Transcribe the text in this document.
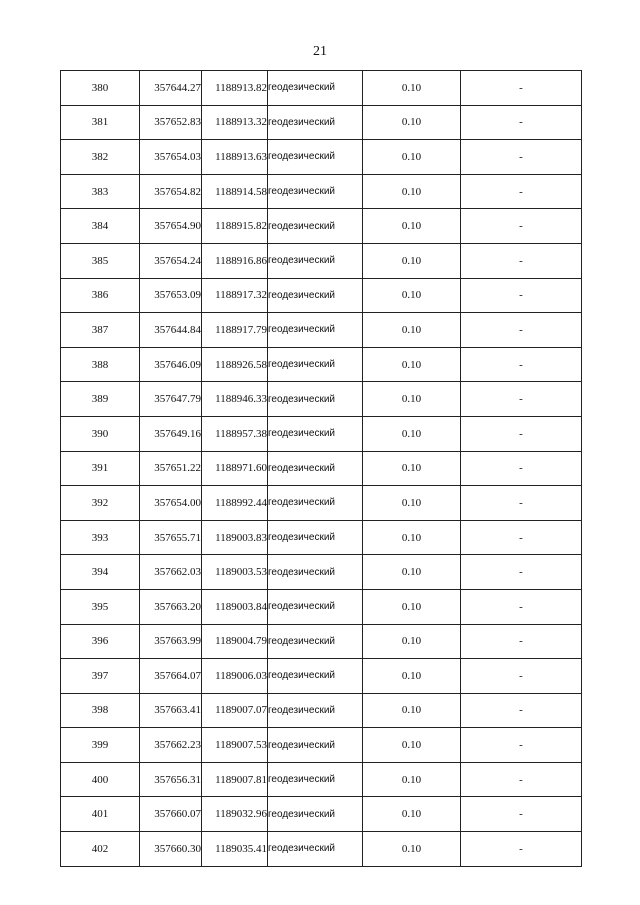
21
380	357644.27	1188913.82	геодезический	0.10	-
381	357652.83	1188913.32	геодезический	0.10	-
382	357654.03	1188913.63	геодезический	0.10	-
383	357654.82	1188914.58	геодезический	0.10	-
384	357654.90	1188915.82	геодезический	0.10	-
385	357654.24	1188916.86	геодезический	0.10	-
386	357653.09	1188917.32	геодезический	0.10	-
387	357644.84	1188917.79	геодезический	0.10	-
388	357646.09	1188926.58	геодезический	0.10	-
389	357647.79	1188946.33	геодезический	0.10	-
390	357649.16	1188957.38	геодезический	0.10	-
391	357651.22	1188971.60	геодезический	0.10	-
392	357654.00	1188992.44	геодезический	0.10	-
393	357655.71	1189003.83	геодезический	0.10	-
394	357662.03	1189003.53	геодезический	0.10	-
395	357663.20	1189003.84	геодезический	0.10	-
396	357663.99	1189004.79	геодезический	0.10	-
397	357664.07	1189006.03	геодезический	0.10	-
398	357663.41	1189007.07	геодезический	0.10	-
399	357662.23	1189007.53	геодезический	0.10	-
400	357656.31	1189007.81	геодезический	0.10	-
401	357660.07	1189032.96	геодезический	0.10	-
402	357660.30	1189035.41	геодезический	0.10	-
